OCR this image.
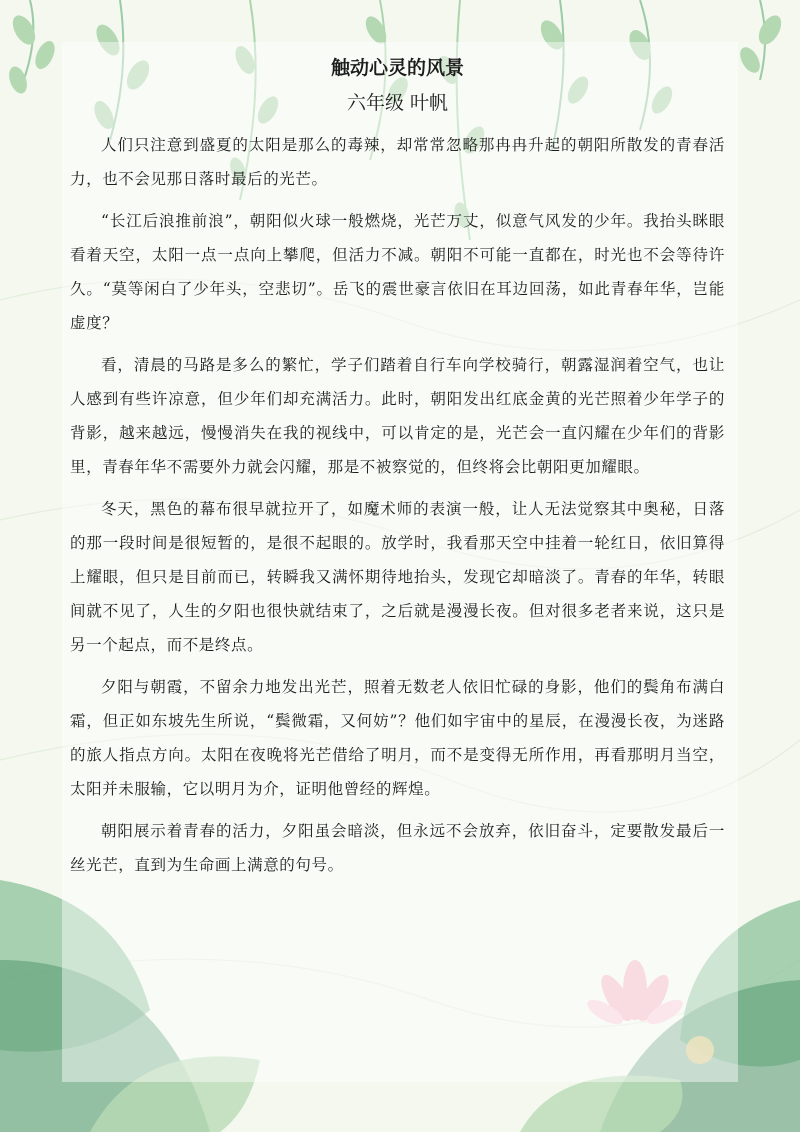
触动心灵的风景
六年级 叶帆

人们只注意到盛夏的太阳是那么的毒辣，却常常忽略那冉冉升起的朝阳所散发的青春活力，也不会见那日落时最后的光芒。

“长江后浪推前浪”，朝阳似火球一般燃烧，光芒万丈，似意气风发的少年。我抬头眯眼看着天空，太阳一点一点向上攀爬，但活力不减。朝阳不可能一直都在，时光也不会等待许久。“莫等闲白了少年头，空悲切”。岳飞的震世豪言依旧在耳边回荡，如此青春年华，岂能虚度？

看，清晨的马路是多么的繁忙，学子们踏着自行车向学校骑行，朝露湿润着空气，也让人感到有些许凉意，但少年们却充满活力。此时，朝阳发出红底金黄的光芒照着少年学子的背影，越来越远，慢慢消失在我的视线中，可以肯定的是，光芒会一直闪耀在少年们的背影里，青春年华不需要外力就会闪耀，那是不被察觉的，但终将会比朝阳更加耀眼。

冬天，黑色的幕布很早就拉开了，如魔术师的表演一般，让人无法觉察其中奥秘，日落的那一段时间是很短暂的，是很不起眼的。放学时，我看那天空中挂着一轮红日，依旧算得上耀眼，但只是目前而已，转瞬我又满怀期待地抬头，发现它却暗淡了。青春的年华，转眼间就不见了，人生的夕阳也很快就结束了，之后就是漫漫长夜。但对很多老者来说，这只是另一个起点，而不是终点。

夕阳与朝霞，不留余力地发出光芒，照着无数老人依旧忙碌的身影，他们的鬓角布满白霜，但正如东坡先生所说，“鬓微霜，又何妨”？他们如宇宙中的星辰，在漫漫长夜，为迷路的旅人指点方向。太阳在夜晚将光芒借给了明月，而不是变得无所作用，再看那明月当空，太阳并未服输，它以明月为介，证明他曾经的辉煌。

朝阳展示着青春的活力，夕阳虽会暗淡，但永远不会放弃，依旧奋斗，定要散发最后一丝光芒，直到为生命画上满意的句号。
